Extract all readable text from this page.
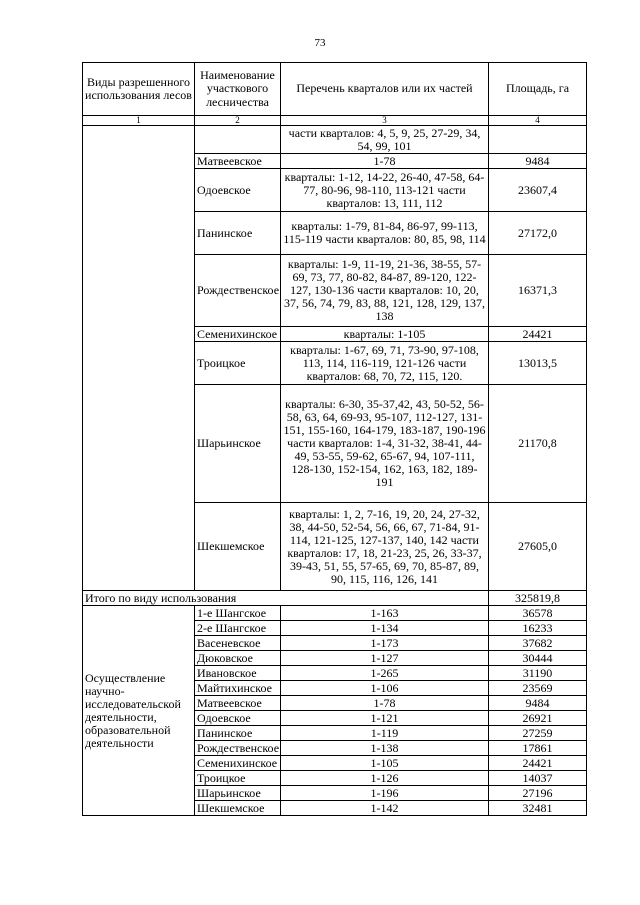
73
Виды разрешенного использования лесов	Наименование участкового лесничества	Перечень кварталов или их частей	Площадь, га
1	2	3	4
		части кварталов: 4, 5, 9, 25, 27-29, 34, 54, 99, 101	
	Матвеевское	1-78	9484
	Одоевское	кварталы: 1-12, 14-22, 26-40, 47-58, 64-77, 80-96, 98-110, 113-121 части кварталов: 13, 111, 112	23607,4
	Панинское	кварталы: 1-79, 81-84, 86-97, 99-113, 115-119 части кварталов: 80, 85, 98, 114	27172,0
	Рождественское	кварталы: 1-9, 11-19, 21-36, 38-55, 57-69, 73, 77, 80-82, 84-87, 89-120, 122-127, 130-136 части кварталов: 10, 20, 37, 56, 74, 79, 83, 88, 121, 128, 129, 137, 138	16371,3
	Семенихинское	кварталы: 1-105	24421
	Троицкое	кварталы: 1-67, 69, 71, 73-90, 97-108, 113, 114, 116-119, 121-126 части кварталов: 68, 70, 72, 115, 120.	13013,5
	Шарьинское	кварталы: 6-30, 35-37,42, 43, 50-52, 56-58, 63, 64, 69-93, 95-107, 112-127, 131-151, 155-160, 164-179, 183-187, 190-196 части кварталов: 1-4, 31-32, 38-41, 44-49, 53-55, 59-62, 65-67, 94, 107-111, 128-130, 152-154, 162, 163, 182, 189-191	21170,8
	Шекшемское	кварталы: 1, 2, 7-16, 19, 20, 24, 27-32, 38, 44-50, 52-54, 56, 66, 67, 71-84, 91-114, 121-125, 127-137, 140, 142 части кварталов: 17, 18, 21-23, 25, 26, 33-37, 39-43, 51, 55, 57-65, 69, 70, 85-87, 89, 90, 115, 116, 126, 141	27605,0
Итого по виду использования			325819,8
Осуществление научно-исследовательской деятельности, образовательной деятельности	1-е Шангское	1-163	36578
	2-е Шангское	1-134	16233
	Васеневское	1-173	37682
	Дюковское	1-127	30444
	Ивановское	1-265	31190
	Майтихинское	1-106	23569
	Матвеевское	1-78	9484
	Одоевское	1-121	26921
	Панинское	1-119	27259
	Рождественское	1-138	17861
	Семенихинское	1-105	24421
	Троицкое	1-126	14037
	Шарьинское	1-196	27196
	Шекшемское	1-142	32481
